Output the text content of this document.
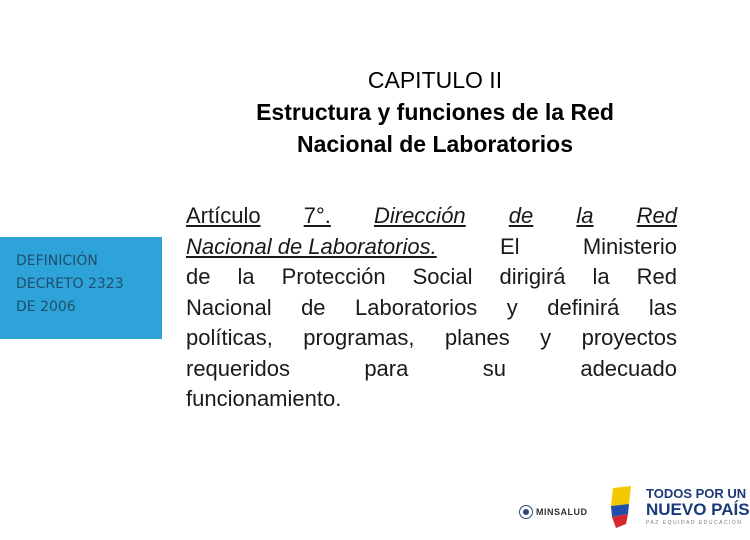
CAPITULO II
Estructura y funciones de la Red
Nacional de Laboratorios
DEFINICIÓN
DECRETO 2323
DE 2006
Artículo 7°. Dirección de la Red
Nacional de Laboratorios.	El	Ministerio
de la Protección Social dirigirá la Red
Nacional de Laboratorios y definirá las
políticas, programas, planes y proyectos
requeridos	para	su	adecuado
funcionamiento.
MINSALUD
TODOS POR UN
NUEVO PAÍS
PAZ EQUIDAD EDUCACIÓN
